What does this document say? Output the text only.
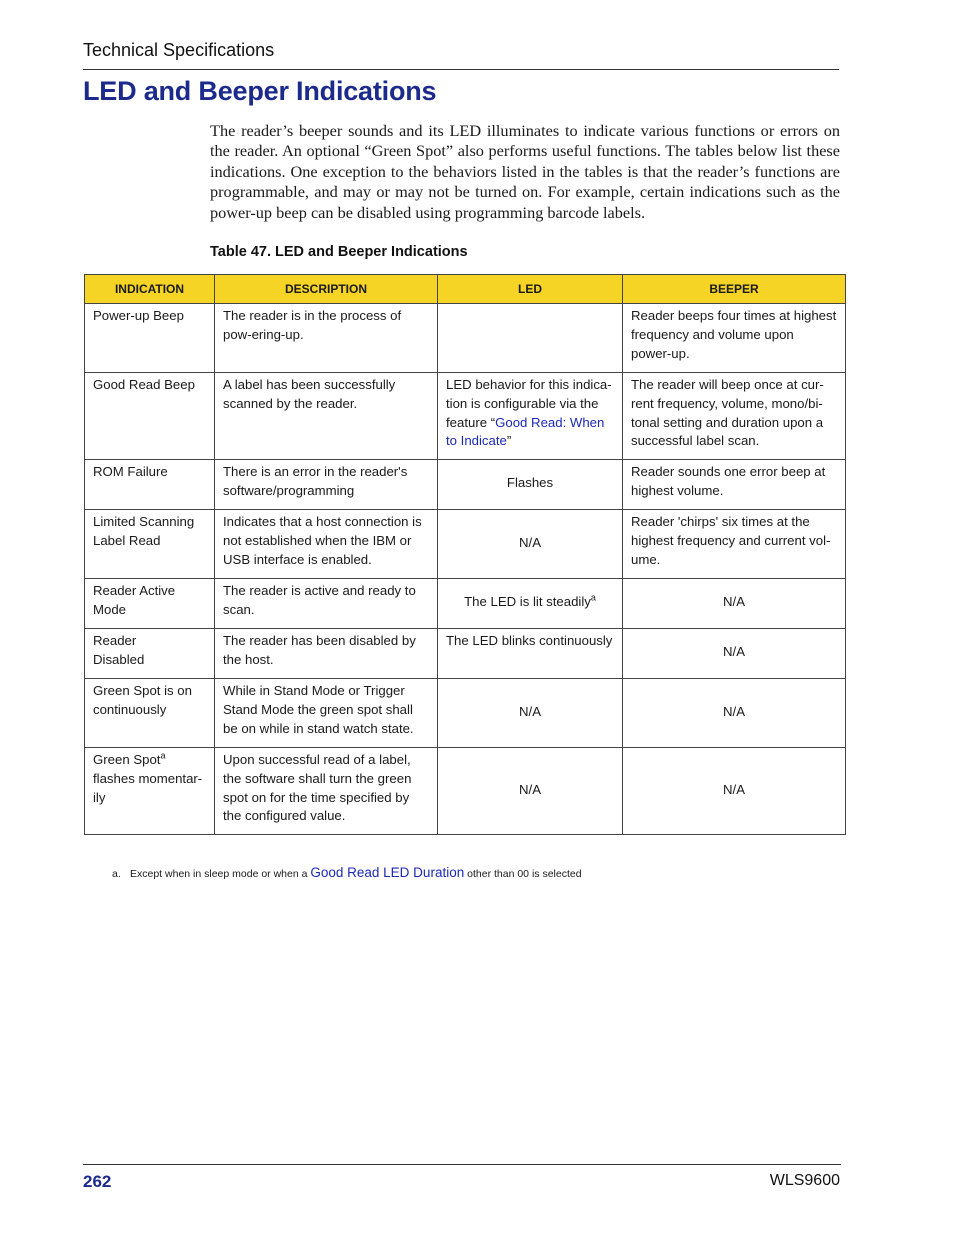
Technical Specifications
LED and Beeper Indications

The reader’s beeper sounds and its LED illuminates to indicate various functions or errors on the reader. An optional “Green Spot” also performs useful functions. The tables below list these indications. One exception to the behaviors listed in the tables is that the reader’s functions are programmable, and may or may not be turned on. For example, certain indications such as the power-up beep can be disabled using programming barcode labels.

Table 47. LED and Beeper Indications
INDICATION	DESCRIPTION	LED	BEEPER
Power-up Beep	The reader is in the process of pow-ering-up.		Reader beeps four times at highest frequency and volume upon power-up.
Good Read Beep	A label has been successfully scanned by the reader.	LED behavior for this indica-tion is configurable via the feature “Good Read: When to Indicate”	The reader will beep once at cur-rent frequency, volume, mono/bi-tonal setting and duration upon a successful label scan.
ROM Failure	There is an error in the reader's software/programming	Flashes	Reader sounds one error beep at highest volume.
Limited Scanning Label Read	Indicates that a host connection is not established when the IBM or USB interface is enabled.	N/A	Reader 'chirps' six times at the highest frequency and current vol-ume.
Reader Active Mode	The reader is active and ready to scan.	The LED is lit steadily$^a$	N/A
Reader Disabled	The reader has been disabled by the host.	The LED blinks continuously	N/A
Green Spot is on continuously	While in Stand Mode or Trigger Stand Mode the green spot shall be on while in stand watch state.	N/A	N/A
Green Spot$^a$ flashes momentar-ily	Upon successful read of a label, the software shall turn the green spot on for the time specified by the configured value.	N/A	N/A
a. Except when in sleep mode or when a Good Read LED Duration other than 00 is selected
262	WLS9600
